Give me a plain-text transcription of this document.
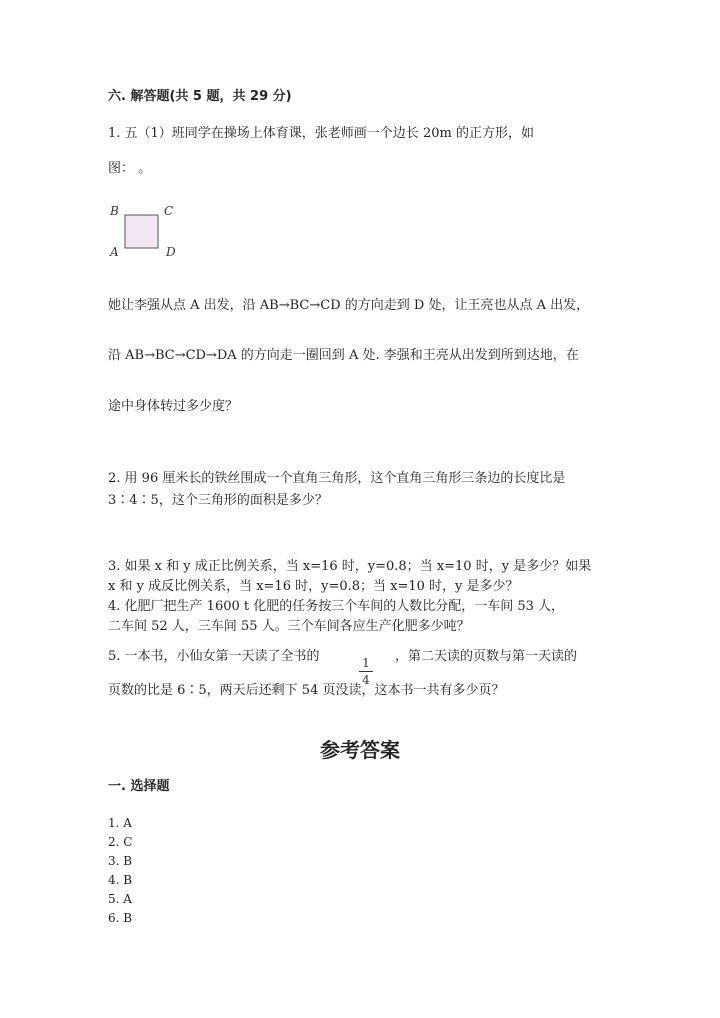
六. 解答题(共 5 题，共 29 分)
1. 五（1）班同学在操场上体育课，张老师画一个边长 20m 的正方形，如
图： 。
B	C
A	D
她让李强从点 A 出发，沿 AB→BC→CD 的方向走到 D 处，让王亮也从点 A 出发，
沿 AB→BC→CD→DA 的方向走一圈回到 A 处. 李强和王亮从出发到所到达地，在
途中身体转过多少度？
2. 用 96 厘米长的铁丝围成一个直角三角形，这个直角三角形三条边的长度比是
3∶4∶5，这个三角形的面积是多少？
3. 如果 x 和 y 成正比例关系，当 x=16 时，y=0.8；当 x=10 时，y 是多少？如果
x 和 y 成反比例关系，当 x=16 时，y=0.8；当 x=10 时，y 是多少？
4. 化肥厂把生产 1600 t 化肥的任务按三个车间的人数比分配，一车间 53 人，
二车间 52 人，三车间 55 人。三个车间各应生产化肥多少吨？
5. 一本书，小仙女第一天读了全书的	1
4
，第二天读的页数与第一天读的
页数的比是 6∶5，两天后还剩下 54 页没读，这本书一共有多少页？
参考答案
一. 选择题
1. A
2. C
3. B
4. B
5. A
6. B
